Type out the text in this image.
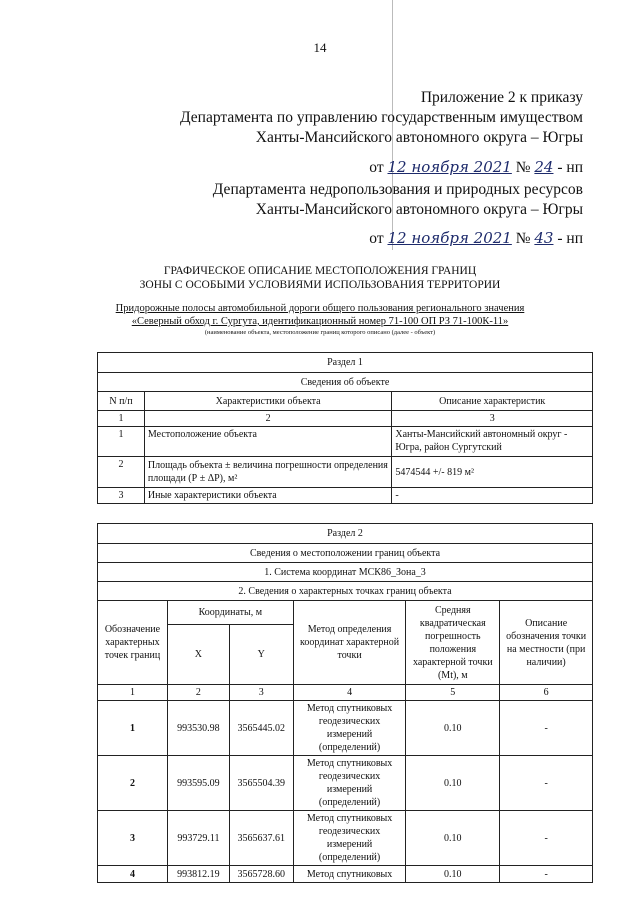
14
Приложение 2 к приказу
Департамента по управлению государственным имуществом
Ханты-Мансийского автономного округа – Югры
от 12 ноября 2021 № 24 - нп
Департамента недропользования и природных ресурсов
Ханты-Мансийского автономного округа – Югры
от 12 ноября 2021 № 43 - нп
ГРАФИЧЕСКОЕ ОПИСАНИЕ МЕСТОПОЛОЖЕНИЯ ГРАНИЦ
ЗОНЫ С ОСОБЫМИ УСЛОВИЯМИ ИСПОЛЬЗОВАНИЯ ТЕРРИТОРИИ
Придорожные полосы автомобильной дороги общего пользования регионального значения
«Северный обход г. Сургута, идентификационный номер 71-100 ОП РЗ 71-100К-11»
(наименование объекта, местоположение границ которого описано (далее - объект)
Раздел 1		
Сведения об объекте		
N п/п	Характеристики объекта	Описание характеристик
1	2	3
1	Местоположение объекта	Ханты-Мансийский автономный округ - Югра, район Сургутский
2	Площадь объекта ± величина погрешности определения площади (Р ± ΔР), м²	5474544 +/- 819 м²
3	Иные характеристики объекта	-
Раздел 2					
Сведения о местоположении границ объекта					
1. Система координат МСК86_Зона_3					
2. Сведения о характерных точках границ объекта					
Обозначение характерных точек границ	Координаты, м		Метод определения координат характерной точки	Средняя квадратическая погрешность положения характерной точки (Mt), м	Описание обозначения точки на местности (при наличии)
	X	Y			
1	2	3	4	5	6
1	993530.98	3565445.02	Метод спутниковых геодезических измерений (определений)	0.10	-
2	993595.09	3565504.39	Метод спутниковых геодезических измерений (определений)	0.10	-
3	993729.11	3565637.61	Метод спутниковых геодезических измерений (определений)	0.10	-
4	993812.19	3565728.60	Метод спутниковых	0.10	-
